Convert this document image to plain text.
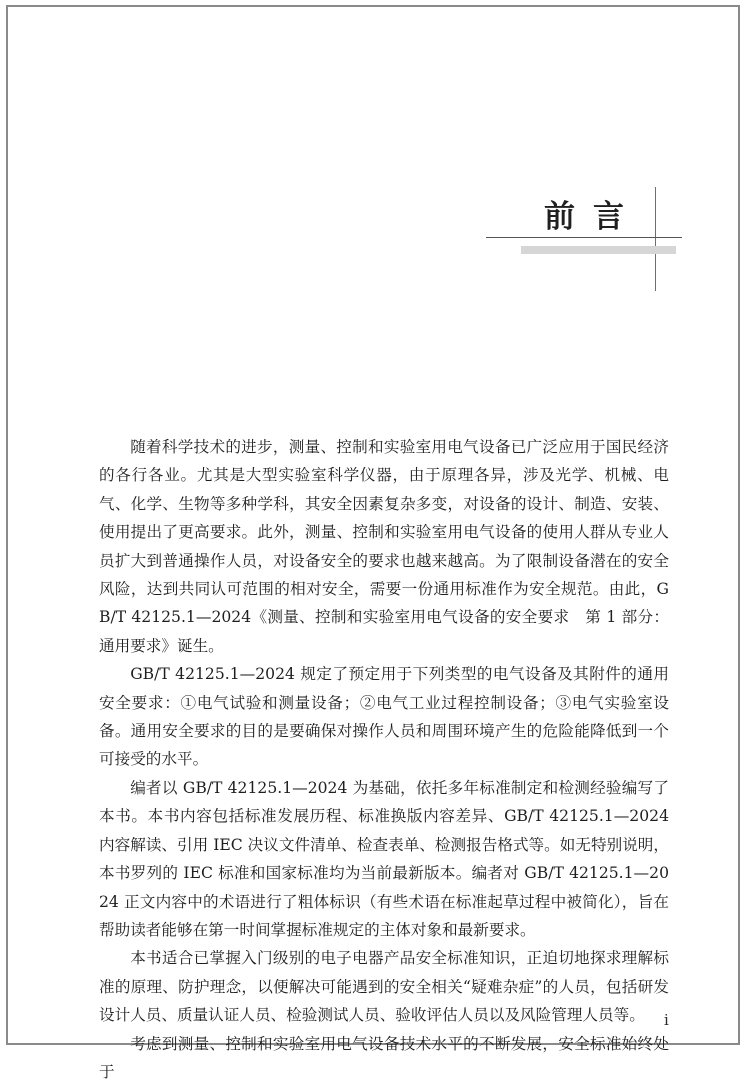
前言

随着科学技术的进步，测量、控制和实验室用电气设备已广泛应用于国民经济的各行各业。尤其是大型实验室科学仪器，由于原理各异，涉及光学、机械、电气、化学、生物等多种学科，其安全因素复杂多变，对设备的设计、制造、安装、使用提出了更高要求。此外，测量、控制和实验室用电气设备的使用人群从专业人员扩大到普通操作人员，对设备安全的要求也越来越高。为了限制设备潜在的安全风险，达到共同认可范围的相对安全，需要一份通用标准作为安全规范。由此，GB/T 42125.1—2024《测量、控制和实验室用电气设备的安全要求　第 1 部分：通用要求》诞生。

GB/T 42125.1—2024 规定了预定用于下列类型的电气设备及其附件的通用安全要求：①电气试验和测量设备；②电气工业过程控制设备；③电气实验室设备。通用安全要求的目的是要确保对操作人员和周围环境产生的危险能降低到一个可接受的水平。

编者以 GB/T 42125.1—2024 为基础，依托多年标准制定和检测经验编写了本书。本书内容包括标准发展历程、标准换版内容差异、GB/T 42125.1—2024 内容解读、引用 IEC 决议文件清单、检查表单、检测报告格式等。如无特别说明，本书罗列的 IEC 标准和国家标准均为当前最新版本。编者对 GB/T 42125.1—2024 正文内容中的术语进行了粗体标识（有些术语在标准起草过程中被简化），旨在帮助读者能够在第一时间掌握标准规定的主体对象和最新要求。

本书适合已掌握入门级别的电子电器产品安全标准知识，正迫切地探求理解标准的原理、防护理念，以便解决可能遇到的安全相关“疑难杂症”的人员，包括研发设计人员、质量认证人员、检验测试人员、验收评估人员以及风险管理人员等。

考虑到测量、控制和实验室用电气设备技术水平的不断发展，安全标准始终处于

i
